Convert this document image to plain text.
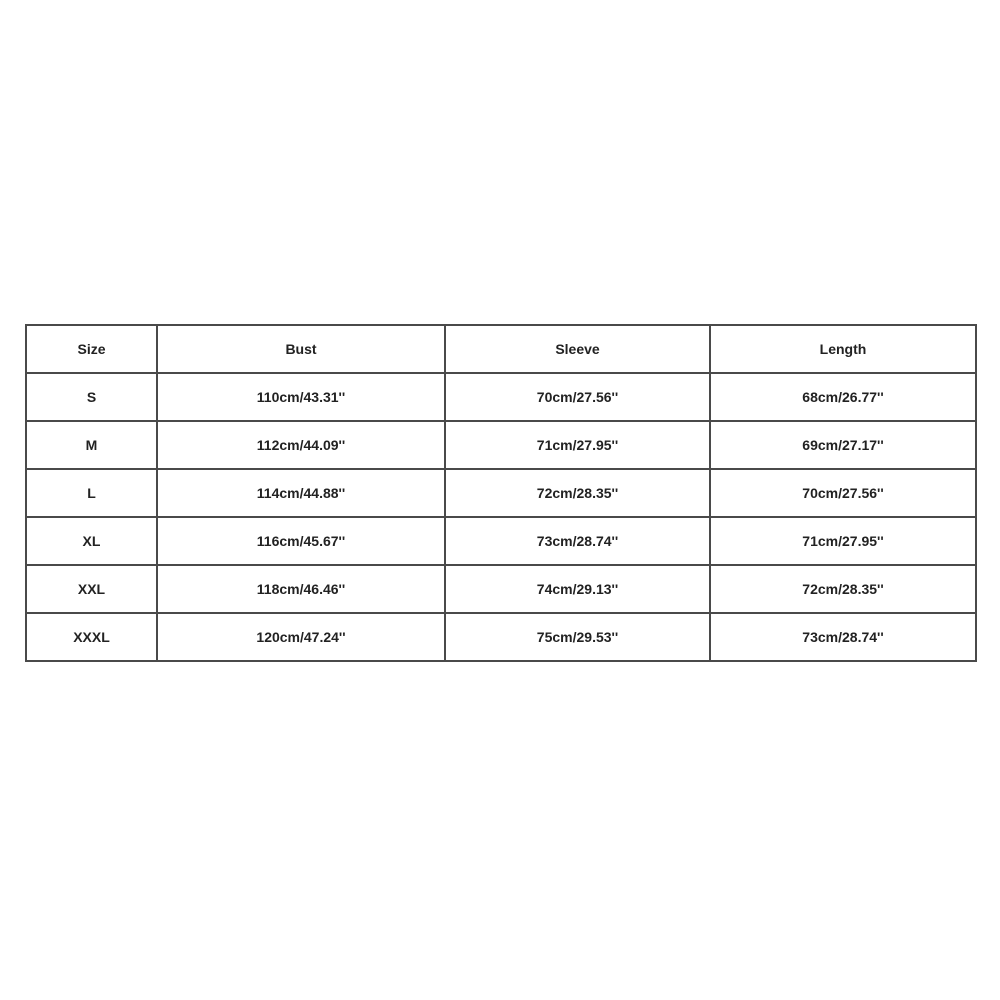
Size	Bust	Sleeve	Length
S	110cm/43.31''	70cm/27.56''	68cm/26.77''
M	112cm/44.09''	71cm/27.95''	69cm/27.17''
L	114cm/44.88''	72cm/28.35''	70cm/27.56''
XL	116cm/45.67''	73cm/28.74''	71cm/27.95''
XXL	118cm/46.46''	74cm/29.13''	72cm/28.35''
XXXL	120cm/47.24''	75cm/29.53''	73cm/28.74''
